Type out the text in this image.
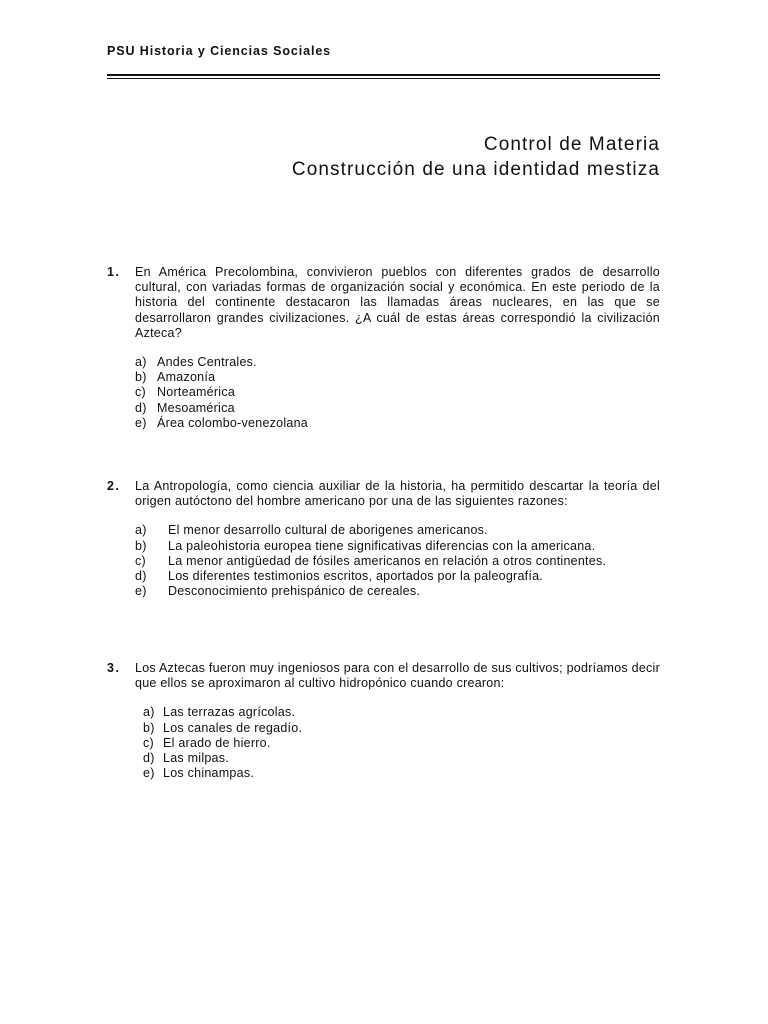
PSU Historia y Ciencias Sociales
Control de Materia
Construcción de una identidad mestiza
1. En América Precolombina, convivieron pueblos con diferentes grados de desarrollo cultural, con variadas formas de organización social y económica. En este periodo de la historia del continente destacaron las llamadas áreas nucleares, en las que se desarrollaron grandes civilizaciones. ¿A cuál de estas áreas correspondió la civilización Azteca?
a) Andes Centrales.
b) Amazonía
c) Norteamérica
d) Mesoamérica
e) Área colombo-venezolana
2. La Antropología, como ciencia auxiliar de la historia, ha permitido descartar la teoría del origen autóctono del hombre americano por una de las siguientes razones:
a) El menor desarrollo cultural de aborigenes americanos.
b) La paleohistoria europea tiene significativas diferencias con la americana.
c) La menor antigüedad de fósiles americanos en relación a otros continentes.
d) Los diferentes testimonios escritos, aportados por la paleografía.
e) Desconocimiento prehispánico de cereales.
3. Los Aztecas fueron muy ingeniosos para con el desarrollo de sus cultivos; podríamos decir que ellos se aproximaron al cultivo hidropónico cuando crearon:
a) Las terrazas agrícolas.
b) Los canales de regadío.
c) El arado de hierro.
d) Las milpas.
e) Los chinampas.
